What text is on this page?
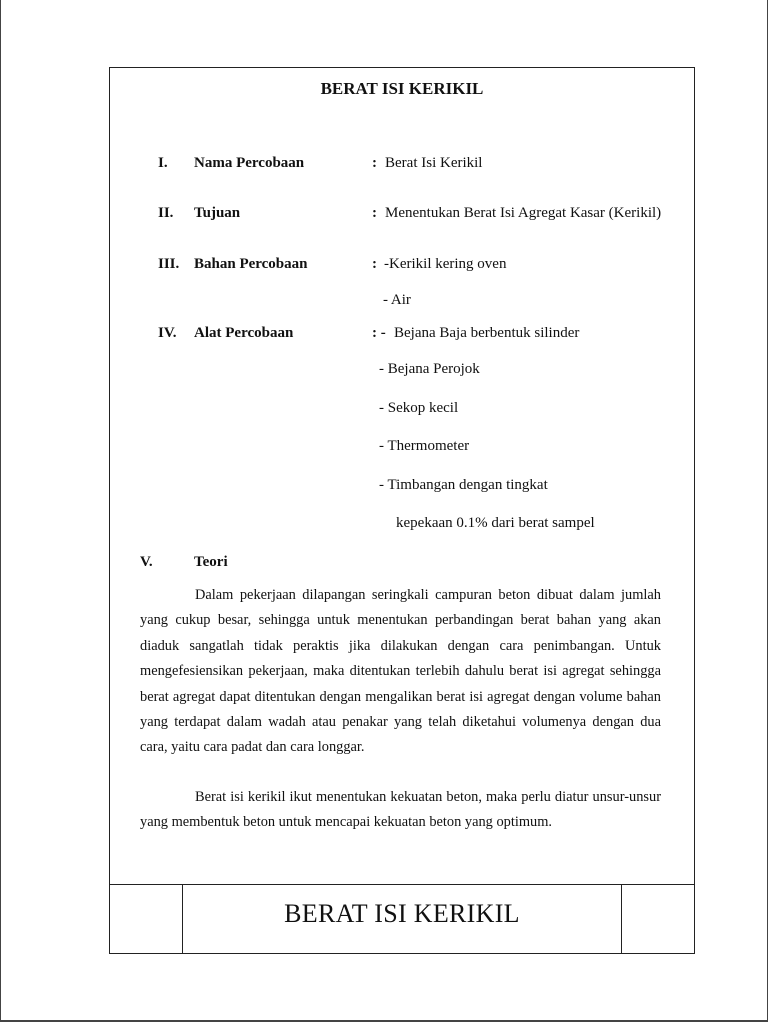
BERAT ISI KERIKIL
I. Nama Percobaan	: Berat Isi Kerikil
II. Tujuan	: Menentukan Berat Isi Agregat Kasar (Kerikil)
III. Bahan Percobaan	: -Kerikil kering oven
- Air
IV. Alat Percobaan	: - Bejana Baja berbentuk silinder
- Bejana Perojok
- Sekop kecil
- Thermometer
- Timbangan dengan tingkat
kepekaan 0.1% dari berat sampel
V.	Teori
Dalam pekerjaan dilapangan seringkali campuran beton dibuat dalam jumlah yang cukup besar, sehingga untuk menentukan perbandingan berat bahan yang akan diaduk sangatlah tidak peraktis jika dilakukan dengan cara penimbangan. Untuk mengefesiensikan pekerjaan, maka ditentukan terlebih dahulu berat isi agregat sehingga berat agregat dapat ditentukan dengan mengalikan berat isi agregat dengan volume bahan yang terdapat dalam wadah atau penakar yang telah diketahui volumenya dengan dua cara, yaitu cara padat dan cara longgar.
Berat isi kerikil ikut menentukan kekuatan beton, maka perlu diatur unsur-unsur yang membentuk beton untuk mencapai kekuatan beton yang optimum.
BERAT ISI KERIKIL
